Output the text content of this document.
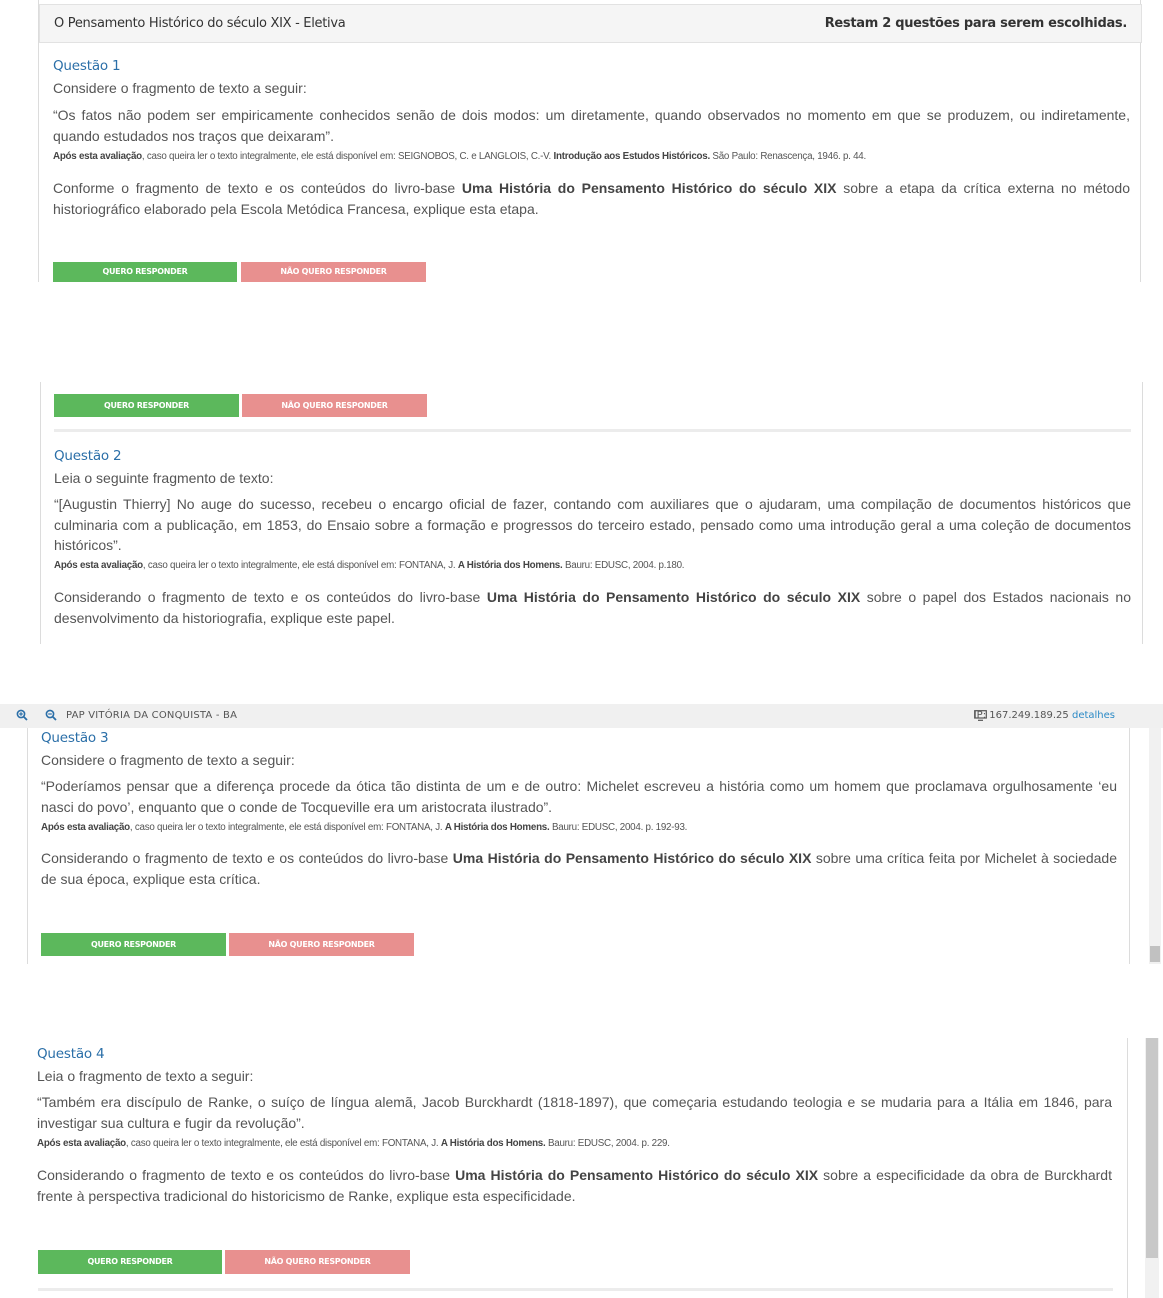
O Pensamento Histórico do século XIX - Eletiva	Restam 2 questões para serem escolhidas.
Questão 1
Considere o fragmento de texto a seguir:
“Os fatos não podem ser empiricamente conhecidos senão de dois modos: um diretamente, quando observados no momento em que se produzem, ou indiretamente, quando estudados nos traços que deixaram”.
Após esta avaliação, caso queira ler o texto integralmente, ele está disponível em: SEIGNOBOS, C. e LANGLOIS, C.-V. Introdução aos Estudos Históricos. São Paulo: Renascença, 1946. p. 44.
Conforme o fragmento de texto e os conteúdos do livro-base Uma História do Pensamento Histórico do século XIX sobre a etapa da crítica externa no método historiográfico elaborado pela Escola Metódica Francesa, explique esta etapa.
QUERO RESPONDER	NÃO QUERO RESPONDER
QUERO RESPONDER	NÃO QUERO RESPONDER
Questão 2
Leia o seguinte fragmento de texto:
“[Augustin Thierry] No auge do sucesso, recebeu o encargo oficial de fazer, contando com auxiliares que o ajudaram, uma compilação de documentos históricos que culminaria com a publicação, em 1853, do Ensaio sobre a formação e progressos do terceiro estado, pensado como uma introdução geral a uma coleção de documentos históricos”.
Após esta avaliação, caso queira ler o texto integralmente, ele está disponível em: FONTANA, J. A História dos Homens. Bauru: EDUSC, 2004. p.180.
Considerando o fragmento de texto e os conteúdos do livro-base Uma História do Pensamento Histórico do século XIX sobre o papel dos Estados nacionais no desenvolvimento da historiografia, explique este papel.
PAP VITÓRIA DA CONQUISTA - BA	IP: 167.249.189.25 detalhes
Questão 3
Considere o fragmento de texto a seguir:
“Poderíamos pensar que a diferença procede da ótica tão distinta de um e de outro: Michelet escreveu a história como um homem que proclamava orgulhosamente ‘eu nasci do povo’, enquanto que o conde de Tocqueville era um aristocrata ilustrado”.
Após esta avaliação, caso queira ler o texto integralmente, ele está disponível em: FONTANA, J. A História dos Homens. Bauru: EDUSC, 2004. p. 192-93.
Considerando o fragmento de texto e os conteúdos do livro-base Uma História do Pensamento Histórico do século XIX sobre uma crítica feita por Michelet à sociedade de sua época, explique esta crítica.
QUERO RESPONDER	NÃO QUERO RESPONDER
Questão 4
Leia o fragmento de texto a seguir:
“Também era discípulo de Ranke, o suíço de língua alemã, Jacob Burckhardt (1818-1897), que começaria estudando teologia e se mudaria para a Itália em 1846, para investigar sua cultura e fugir da revolução”.
Após esta avaliação, caso queira ler o texto integralmente, ele está disponível em: FONTANA, J. A História dos Homens. Bauru: EDUSC, 2004. p. 229.
Considerando o fragmento de texto e os conteúdos do livro-base Uma História do Pensamento Histórico do século XIX sobre a especificidade da obra de Burckhardt frente à perspectiva tradicional do historicismo de Ranke, explique esta especificidade.
QUERO RESPONDER	NÃO QUERO RESPONDER
